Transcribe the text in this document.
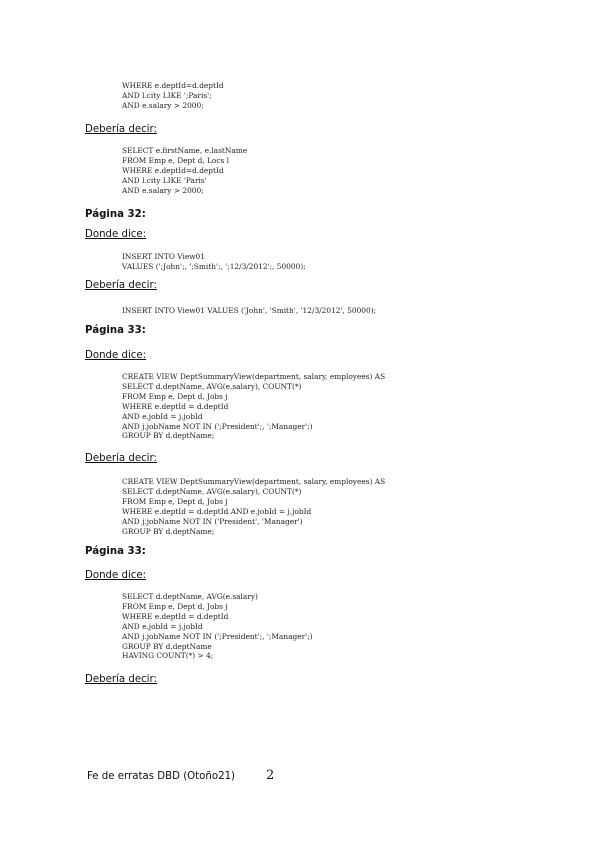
WHERE e.deptId=d.deptId
AND l.city LIKE ';Paris';
AND e.salary > 2000;
Debería decir:
SELECT e.firstName, e.lastName
FROM Emp e, Dept d, Locs l
WHERE e.deptId=d.deptId
AND l.city LIKE 'Paris'
AND e.salary > 2000;
Página 32:
Donde dice:
INSERT INTO View01
VALUES (';John';, ';Smith';, ';12/3/2012';, 50000);
Debería decir:
INSERT INTO View01 VALUES ('John', 'Smith', '12/3/2012', 50000);
Página 33:
Donde dice:
CREATE VIEW DeptSummaryView(department, salary, employees) AS
SELECT d.deptName, AVG(e.salary), COUNT(*)
FROM Emp e, Dept d, Jobs j
WHERE e.deptId = d.deptId
AND e.jobId = j.jobId
AND j.jobName NOT IN (';President';, ';Manager';)
GROUP BY d.deptName;
Debería decir:
CREATE VIEW DeptSummaryView(department, salary, employees) AS
SELECT d.deptName, AVG(e.salary), COUNT(*)
FROM Emp e, Dept d, Jobs j
WHERE e.deptId = d.deptId AND e.jobId = j.jobId
AND j.jobName NOT IN ('President', 'Manager')
GROUP BY d.deptName;
Página 33:
Donde dice:
SELECT d.deptName, AVG(e.salary)
FROM Emp e, Dept d, Jobs j
WHERE e.deptId = d.deptId
AND e.jobId = j.jobId
AND j.jobName NOT IN (';President';, ';Manager';)
GROUP BY d.deptName
HAVING COUNT(*) > 4;
Debería decir:
Fe de erratas DBD (Otoño21) 2
